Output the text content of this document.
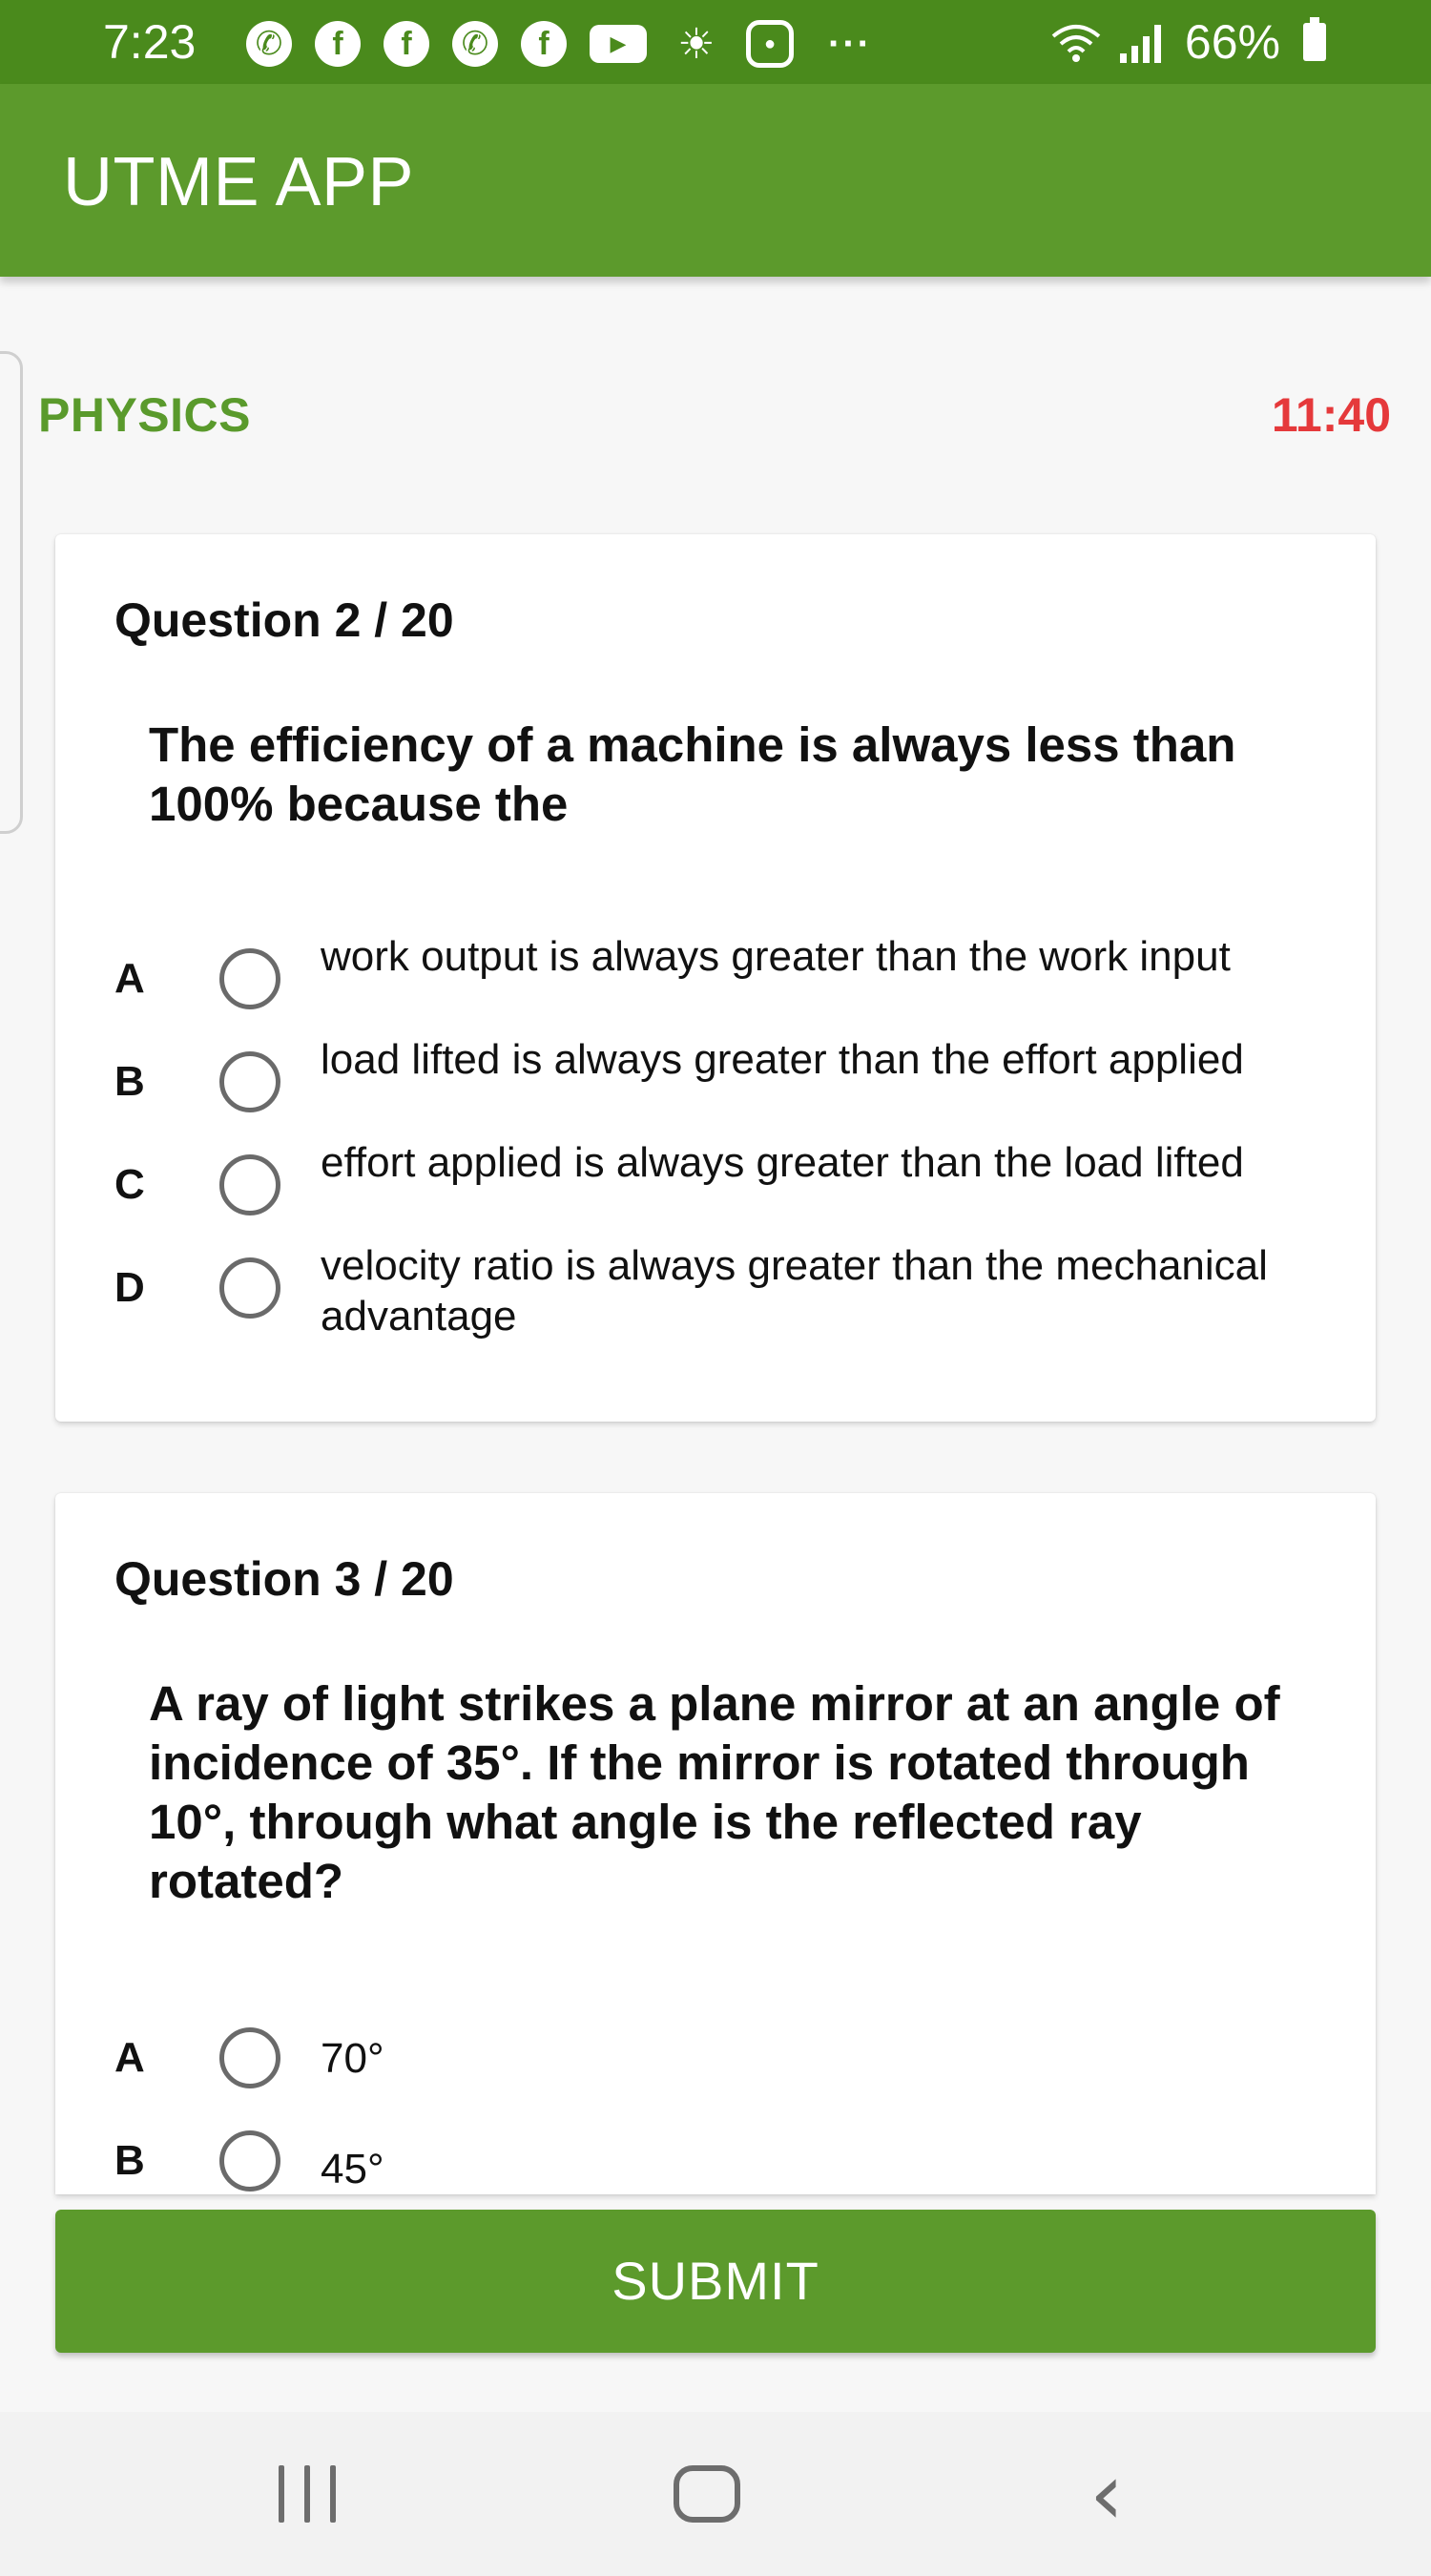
7:23 ✆	f	f	✆	f	▶	☀	●	···	66%
UTME APP
PHYSICS	11:40
Question 2 / 20
The efficiency of a machine is always less than 100% because the
A	work output is always greater than the work input
B	load lifted is always greater than the effort applied
C	effort applied is always greater than the load lifted
D	velocity ratio is always greater than the mechanical advantage
Question 3 / 20
A ray of light strikes a plane mirror at an angle of incidence of 35°. If the mirror is rotated through 10°, through what angle is the reflected ray rotated?
A	70°
B	45°
SUBMIT
‹
